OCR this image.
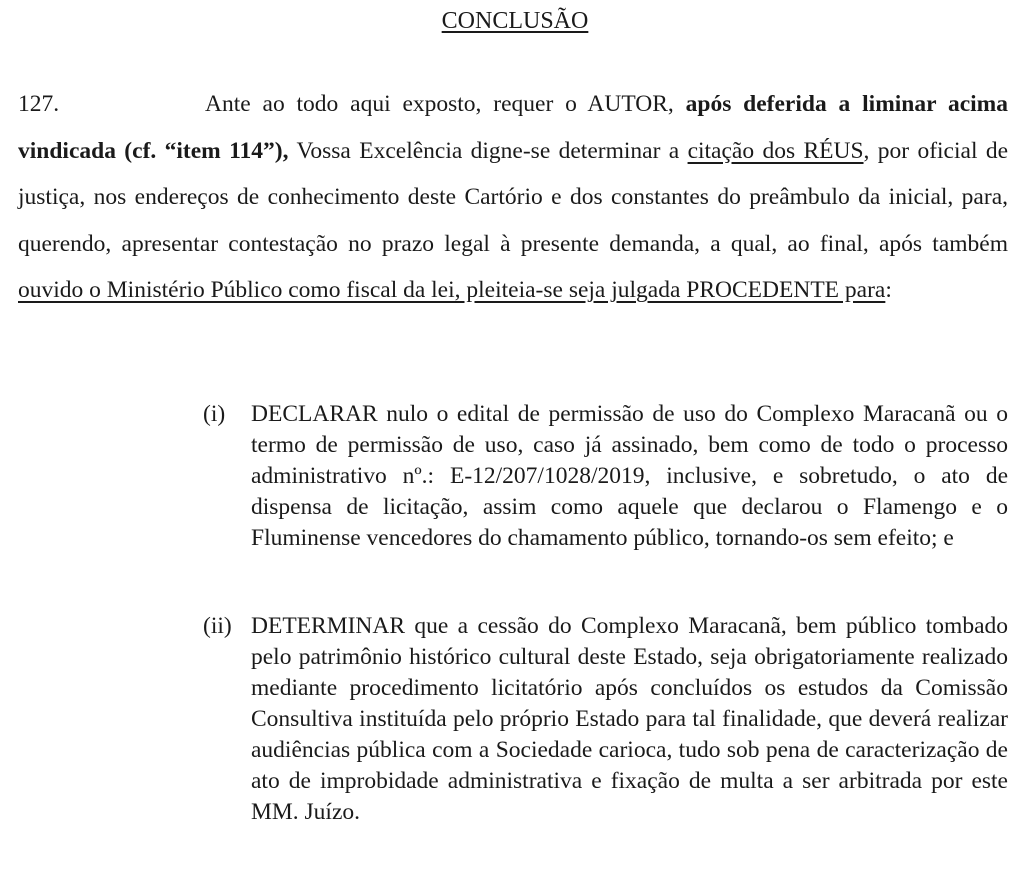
CONCLUSÃO

127.	Ante ao todo aqui exposto, requer o AUTOR, após deferida a liminar acima vindicada (cf. “item 114”), Vossa Excelência digne-se determinar a citação dos RÉUS, por oficial de justiça, nos endereços de conhecimento deste Cartório e dos constantes do preâmbulo da inicial, para, querendo, apresentar contestação no prazo legal à presente demanda, a qual, ao final, após também ouvido o Ministério Público como fiscal da lei, pleiteia-se seja julgada PROCEDENTE para:

(i) DECLARAR nulo o edital de permissão de uso do Complexo Maracanã ou o termo de permissão de uso, caso já assinado, bem como de todo o processo administrativo nº.: E-12/207/1028/2019, inclusive, e sobretudo, o ato de dispensa de licitação, assim como aquele que declarou o Flamengo e o Fluminense vencedores do chamamento público, tornando-os sem efeito; e
(ii) DETERMINAR que a cessão do Complexo Maracanã, bem público tombado pelo patrimônio histórico cultural deste Estado, seja obrigatoriamente realizado mediante procedimento licitatório após concluídos os estudos da Comissão Consultiva instituída pelo próprio Estado para tal finalidade, que deverá realizar audiências pública com a Sociedade carioca, tudo sob pena de caracterização de ato de improbidade administrativa e fixação de multa a ser arbitrada por este MM. Juízo.
